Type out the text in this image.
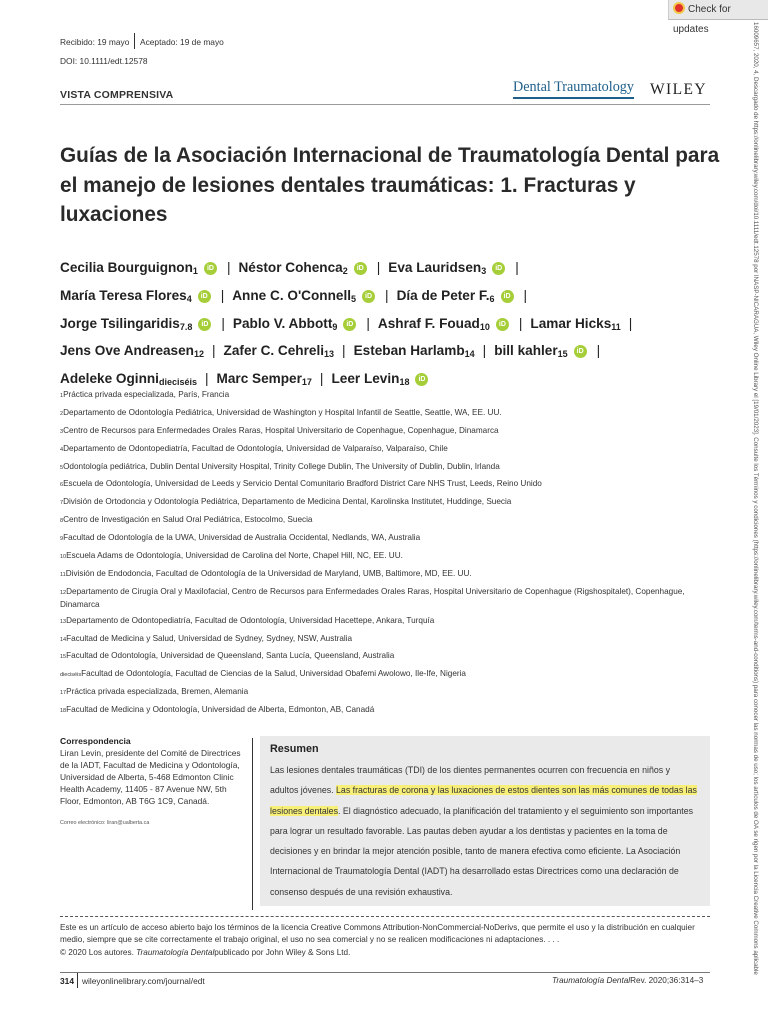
Check for updates	16009657, 2020, 4, Descargado de https://onlinelibrary.wiley.com/doi/10.1111/edt.12578 por INASP-NICARAGUA, Wiley Online Library el [19/01/2023]. Consulte los Términos y condiciones (https://onlinelibrary.wiley.com/terms-and-conditions) para conocer las normas de uso; los artículos de OA se rigen por la Licencia Creative Commons aplicable
Recibido: 19 mayo Aceptado: 19 de mayo
DOI: 10.1111/edt.12578
VISTA COMPRENSIVA	Dental Traumatology WILEY
Guías de la Asociación Internacional de Traumatología Dental para el manejo de lesiones dentales traumáticas: 1. Fracturas y luxaciones
Cecilia Bourguignon$_1$ iD | Néstor Cohenca$_2$ iD | Eva Lauridsen$_3$ iD |
María Teresa Flores$_4$ iD | Anne C. O'Connell$_5$ iD | Día de Peter $F._6$ iD |
Jorge Tsilingaridis$_{7.8}$ iD | Pablo V. Abbott$_9$ iD | Ashraf F. Fouad$_{10}$ iD | Lamar Hicks$_{11}$ |
Jens Ove Andreasen$_{12}$ | Zafer C. Cehreli$_{13}$ | Esteban Harlamb$_{14}$ | bill kahler$_{15}$ iD |
Adeleke Oginni$_{dieciséis}$ | Marc Semper$_{17}$ | Leer Levin$_{18}$ iD
1Práctica privada especializada, París, Francia
2Departamento de Odontología Pediátrica, Universidad de Washington y Hospital Infantil de Seattle, Seattle, WA, EE. UU.
3Centro de Recursos para Enfermedades Orales Raras, Hospital Universitario de Copenhague, Copenhague, Dinamarca
4Departamento de Odontopediatría, Facultad de Odontología, Universidad de Valparaíso, Valparaíso, Chile
5Odontología pediátrica, Dublin Dental University Hospital, Trinity College Dublin, The University of Dublin, Dublin, Irlanda
6Escuela de Odontología, Universidad de Leeds y Servicio Dental Comunitario Bradford District Care NHS Trust, Leeds, Reino Unido
7División de Ortodoncia y Odontología Pediátrica, Departamento de Medicina Dental, Karolinska Institutet, Huddinge, Suecia
8Centro de Investigación en Salud Oral Pediátrica, Estocolmo, Suecia
9Facultad de Odontología de la UWA, Universidad de Australia Occidental, Nedlands, WA, Australia
10Escuela Adams de Odontología, Universidad de Carolina del Norte, Chapel Hill, NC, EE. UU.
11División de Endodoncia, Facultad de Odontología de la Universidad de Maryland, UMB, Baltimore, MD, EE. UU.
12Departamento de Cirugía Oral y Maxilofacial, Centro de Recursos para Enfermedades Orales Raras, Hospital Universitario de Copenhague (Rigshospitalet), Copenhague, Dinamarca
13Departamento de Odontopediatría, Facultad de Odontología, Universidad Hacettepe, Ankara, Turquía
14Facultad de Medicina y Salud, Universidad de Sydney, Sydney, NSW, Australia
15Facultad de Odontología, Universidad de Queensland, Santa Lucía, Queensland, Australia
dieciséisFacultad de Odontología, Facultad de Ciencias de la Salud, Universidad Obafemi Awolowo, Ile-Ife, Nigeria
17Práctica privada especializada, Bremen, Alemania
18Facultad de Medicina y Odontología, Universidad de Alberta, Edmonton, AB, Canadá
Correspondencia
Liran Levin, presidente del Comité de Directrices de la IADT, Facultad de Medicina y Odontología, Universidad de Alberta, 5-468 Edmonton Clinic Health Academy, 11405 - 87 Avenue NW, 5th Floor, Edmonton, AB T6G 1C9, Canadá.
Correo electrónico: liran@ualberta.ca
Resumen
Las lesiones dentales traumáticas (TDI) de los dientes permanentes ocurren con frecuencia en niños y adultos jóvenes. Las fracturas de corona y las luxaciones de estos dientes son las más comunes de todas las lesiones dentales. El diagnóstico adecuado, la planificación del tratamiento y el seguimiento son importantes para lograr un resultado favorable. Las pautas deben ayudar a los dentistas y pacientes en la toma de decisiones y en brindar la mejor atención posible, tanto de manera efectiva como eficiente. La Asociación Internacional de Traumatología Dental (IADT) ha desarrollado estas Directrices como una declaración de consenso después de una revisión exhaustiva.
Este es un artículo de acceso abierto bajo los términos de la licencia Creative Commons Attribution-NonCommercial-NoDerivs, que permite el uso y la distribución en cualquier medio, siempre que se cite correctamente el trabajo original, el uso no sea comercial y no se realicen modificaciones ni adaptaciones. . . .
© 2020 Los autores. Traumatología Dentalpublicado por John Wiley & Sons Ltd.
314 wileyonlinelibrary.com/journal/edt	Traumatología DentalRev. 2020;36:314–3
